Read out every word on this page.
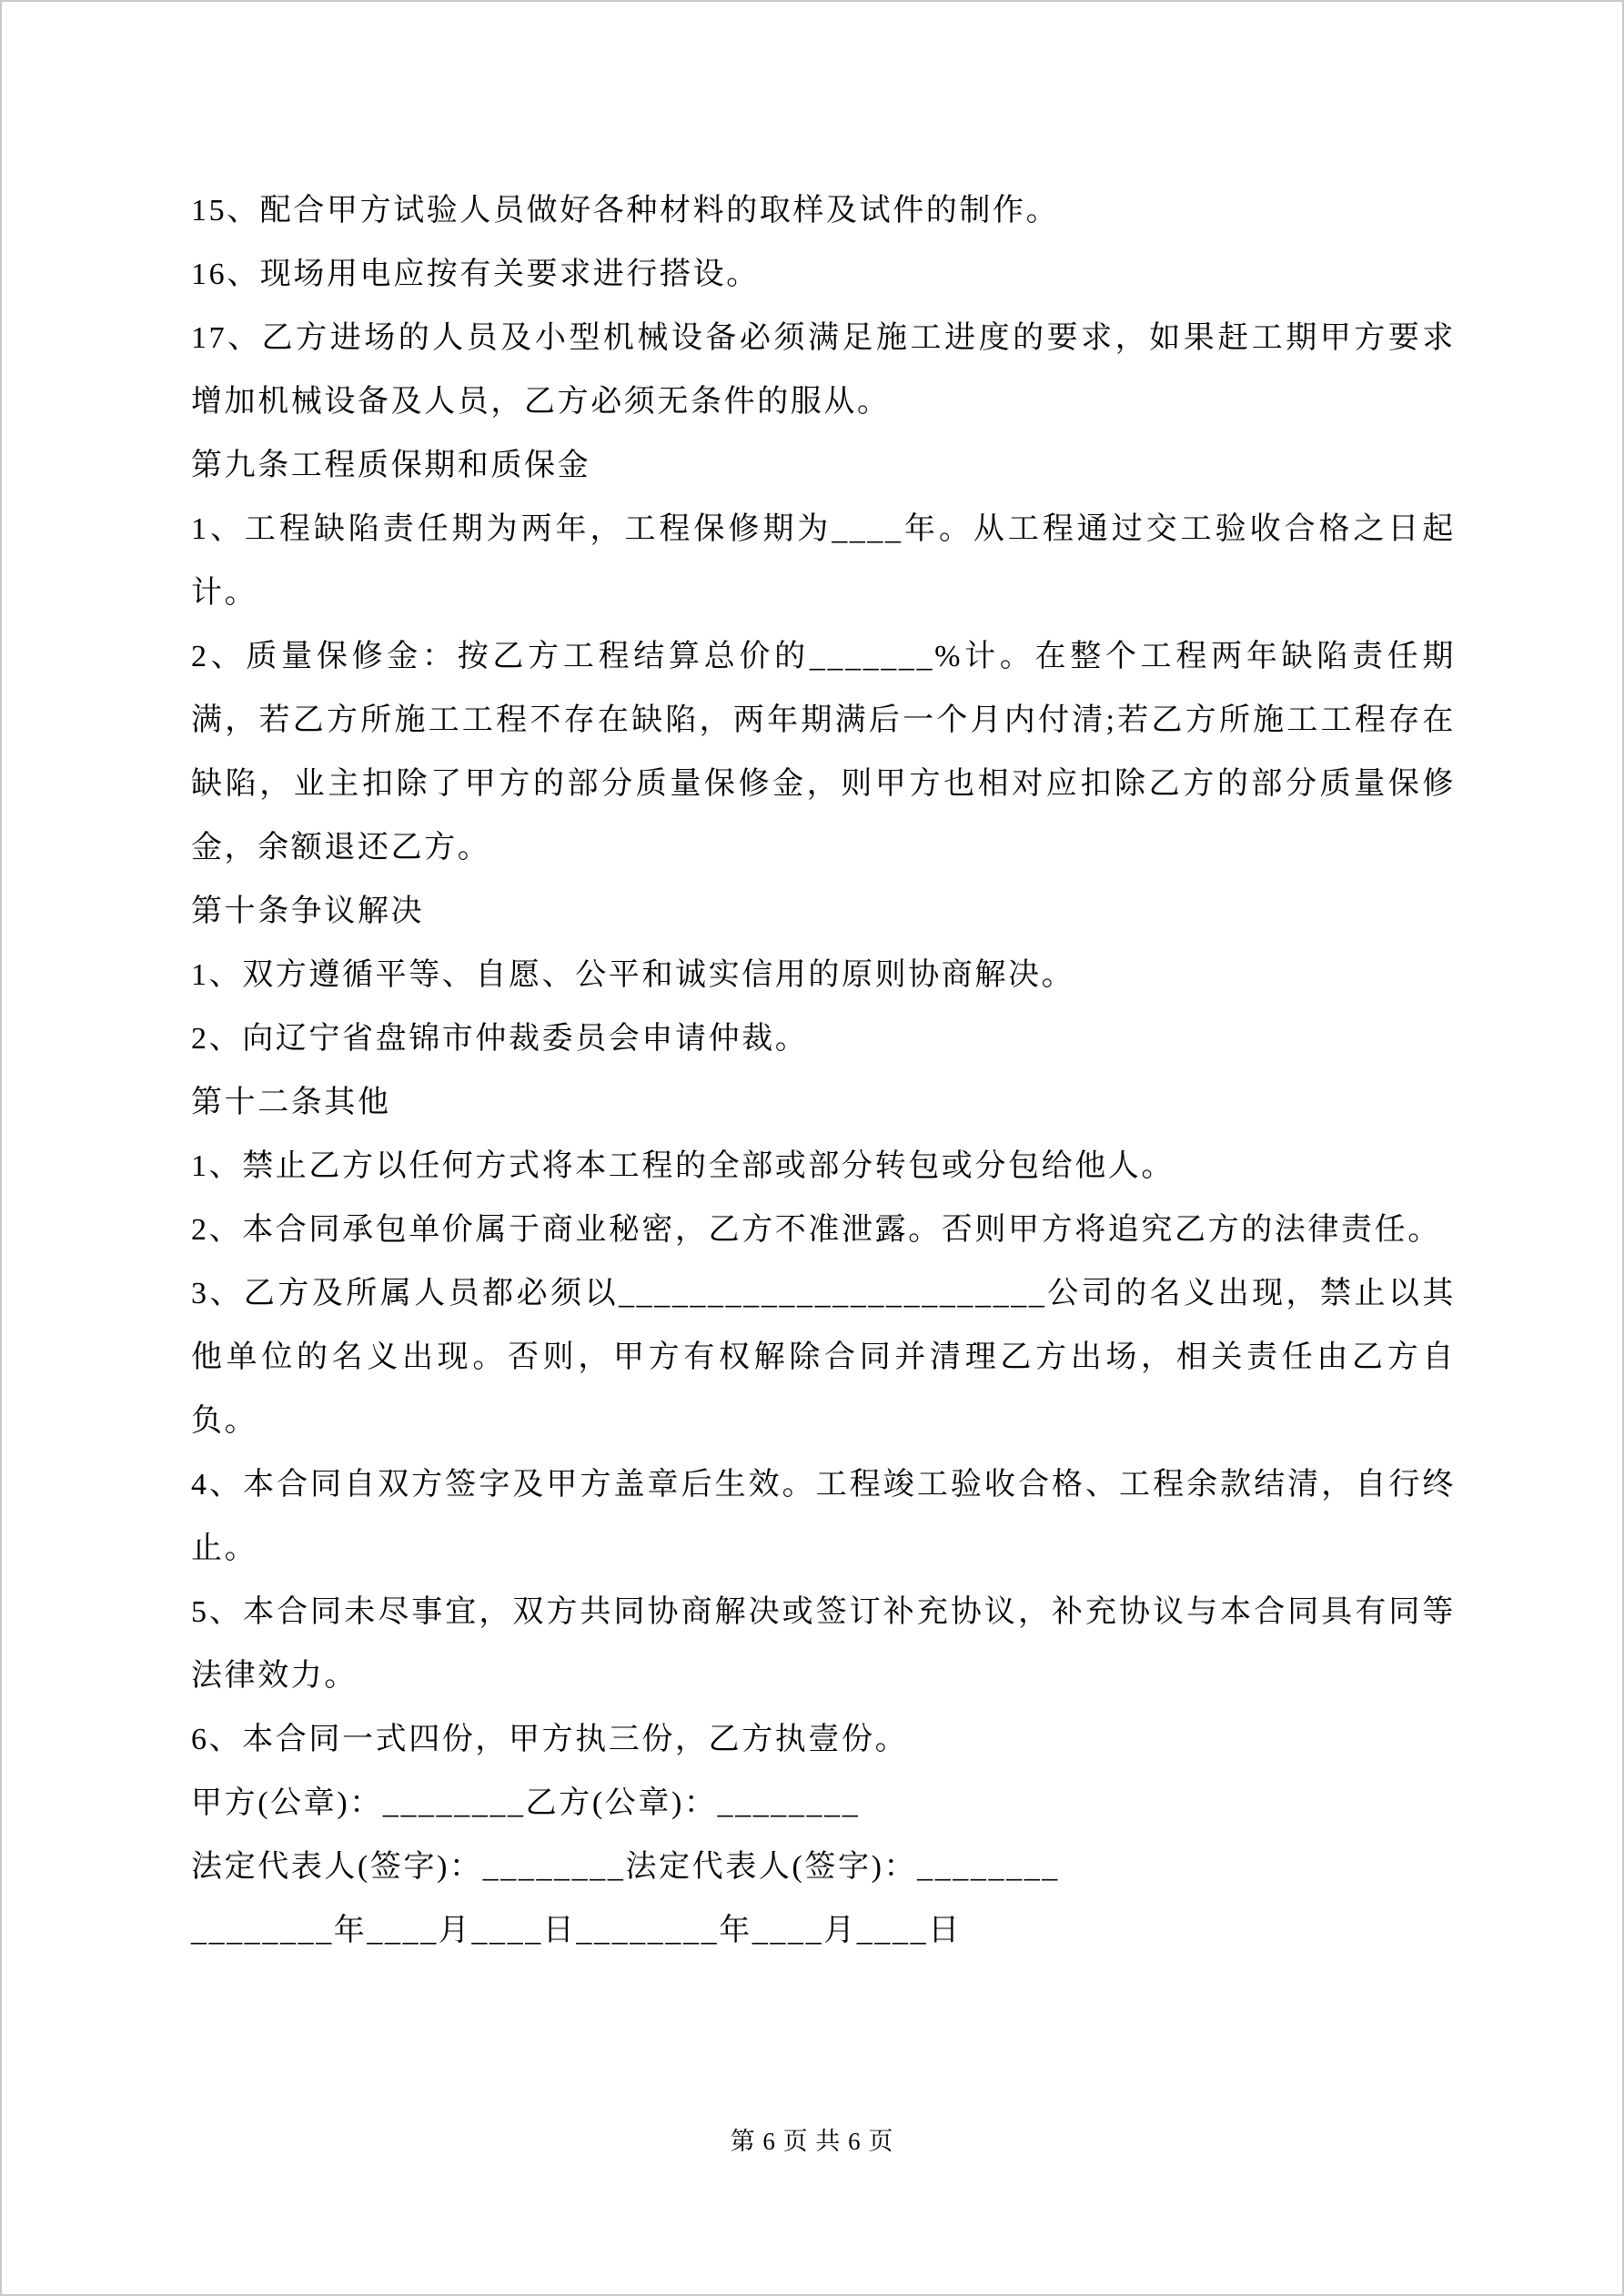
15、配合甲方试验人员做好各种材料的取样及试件的制作。

16、现场用电应按有关要求进行搭设。

17、乙方进场的人员及小型机械设备必须满足施工进度的要求，如果赶工期甲方要求增加机械设备及人员，乙方必须无条件的服从。

第九条工程质保期和质保金

1、工程缺陷责任期为两年，工程保修期为____年。从工程通过交工验收合格之日起计。

2、质量保修金：按乙方工程结算总价的_______%计。在整个工程两年缺陷责任期满，若乙方所施工工程不存在缺陷，两年期满后一个月内付清;若乙方所施工工程存在缺陷，业主扣除了甲方的部分质量保修金，则甲方也相对应扣除乙方的部分质量保修金，余额退还乙方。

第十条争议解决

1、双方遵循平等、自愿、公平和诚实信用的原则协商解决。

2、向辽宁省盘锦市仲裁委员会申请仲裁。

第十二条其他

1、禁止乙方以任何方式将本工程的全部或部分转包或分包给他人。

2、本合同承包单价属于商业秘密，乙方不准泄露。否则甲方将追究乙方的法律责任。

3、乙方及所属人员都必须以________________________公司的名义出现，禁止以其他单位的名义出现。否则，甲方有权解除合同并清理乙方出场，相关责任由乙方自负。

4、本合同自双方签字及甲方盖章后生效。工程竣工验收合格、工程余款结清，自行终止。

5、本合同未尽事宜，双方共同协商解决或签订补充协议，补充协议与本合同具有同等法律效力。

6、本合同一式四份，甲方执三份，乙方执壹份。

甲方(公章)：________乙方(公章)：________

法定代表人(签字)：________法定代表人(签字)：________

________年____月____日________年____月____日

第 6 页 共 6 页
